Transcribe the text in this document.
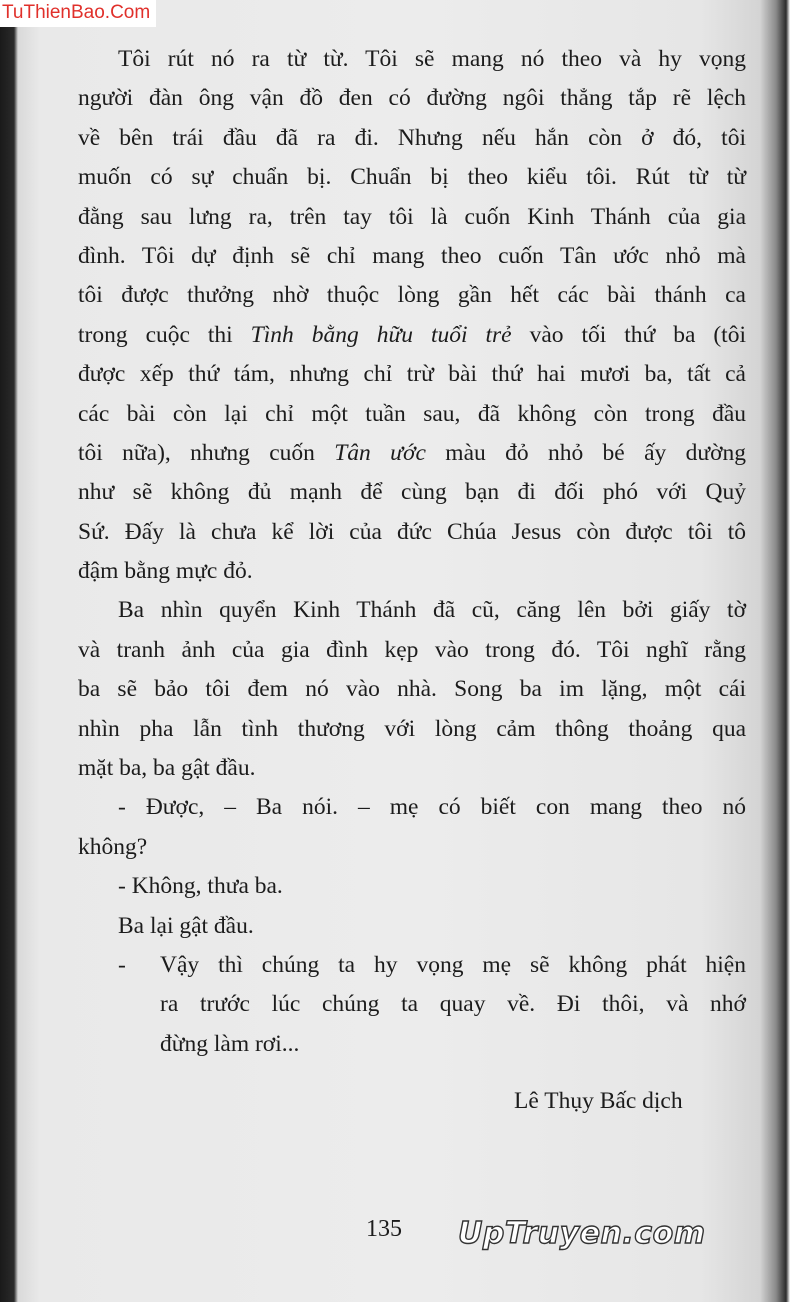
TuThienBao.Com
Tôi rút nó ra từ từ. Tôi sẽ mang nó theo và hy vọng
người đàn ông vận đồ đen có đường ngôi thẳng tắp rẽ lệch
về bên trái đầu đã ra đi. Nhưng nếu hắn còn ở đó, tôi
muốn có sự chuẩn bị. Chuẩn bị theo kiểu tôi. Rút từ từ
đằng sau lưng ra, trên tay tôi là cuốn Kinh Thánh của gia
đình. Tôi dự định sẽ chỉ mang theo cuốn Tân ước nhỏ mà
tôi được thưởng nhờ thuộc lòng gần hết các bài thánh ca
trong cuộc thi Tình bằng hữu tuổi trẻ vào tối thứ ba (tôi
được xếp thứ tám, nhưng chỉ trừ bài thứ hai mươi ba, tất cả
các bài còn lại chỉ một tuần sau, đã không còn trong đầu
tôi nữa), nhưng cuốn Tân ước màu đỏ nhỏ bé ấy dường
như sẽ không đủ mạnh để cùng bạn đi đối phó với Quỷ
Sứ. Đấy là chưa kể lời của đức Chúa Jesus còn được tôi tô
đậm bằng mực đỏ.
Ba nhìn quyển Kinh Thánh đã cũ, căng lên bởi giấy tờ
và tranh ảnh của gia đình kẹp vào trong đó. Tôi nghĩ rằng
ba sẽ bảo tôi đem nó vào nhà. Song ba im lặng, một cái
nhìn pha lẫn tình thương với lòng cảm thông thoảng qua
mặt ba, ba gật đầu.
- Được, – Ba nói. – mẹ có biết con mang theo nó
không?
- Không, thưa ba.
Ba lại gật đầu.
- Vậy thì chúng ta hy vọng mẹ sẽ không phát hiện
ra trước lúc chúng ta quay về. Đi thôi, và nhớ
đừng làm rơi...
Lê Thụy Bấc dịch
135 UpTruyen.com
